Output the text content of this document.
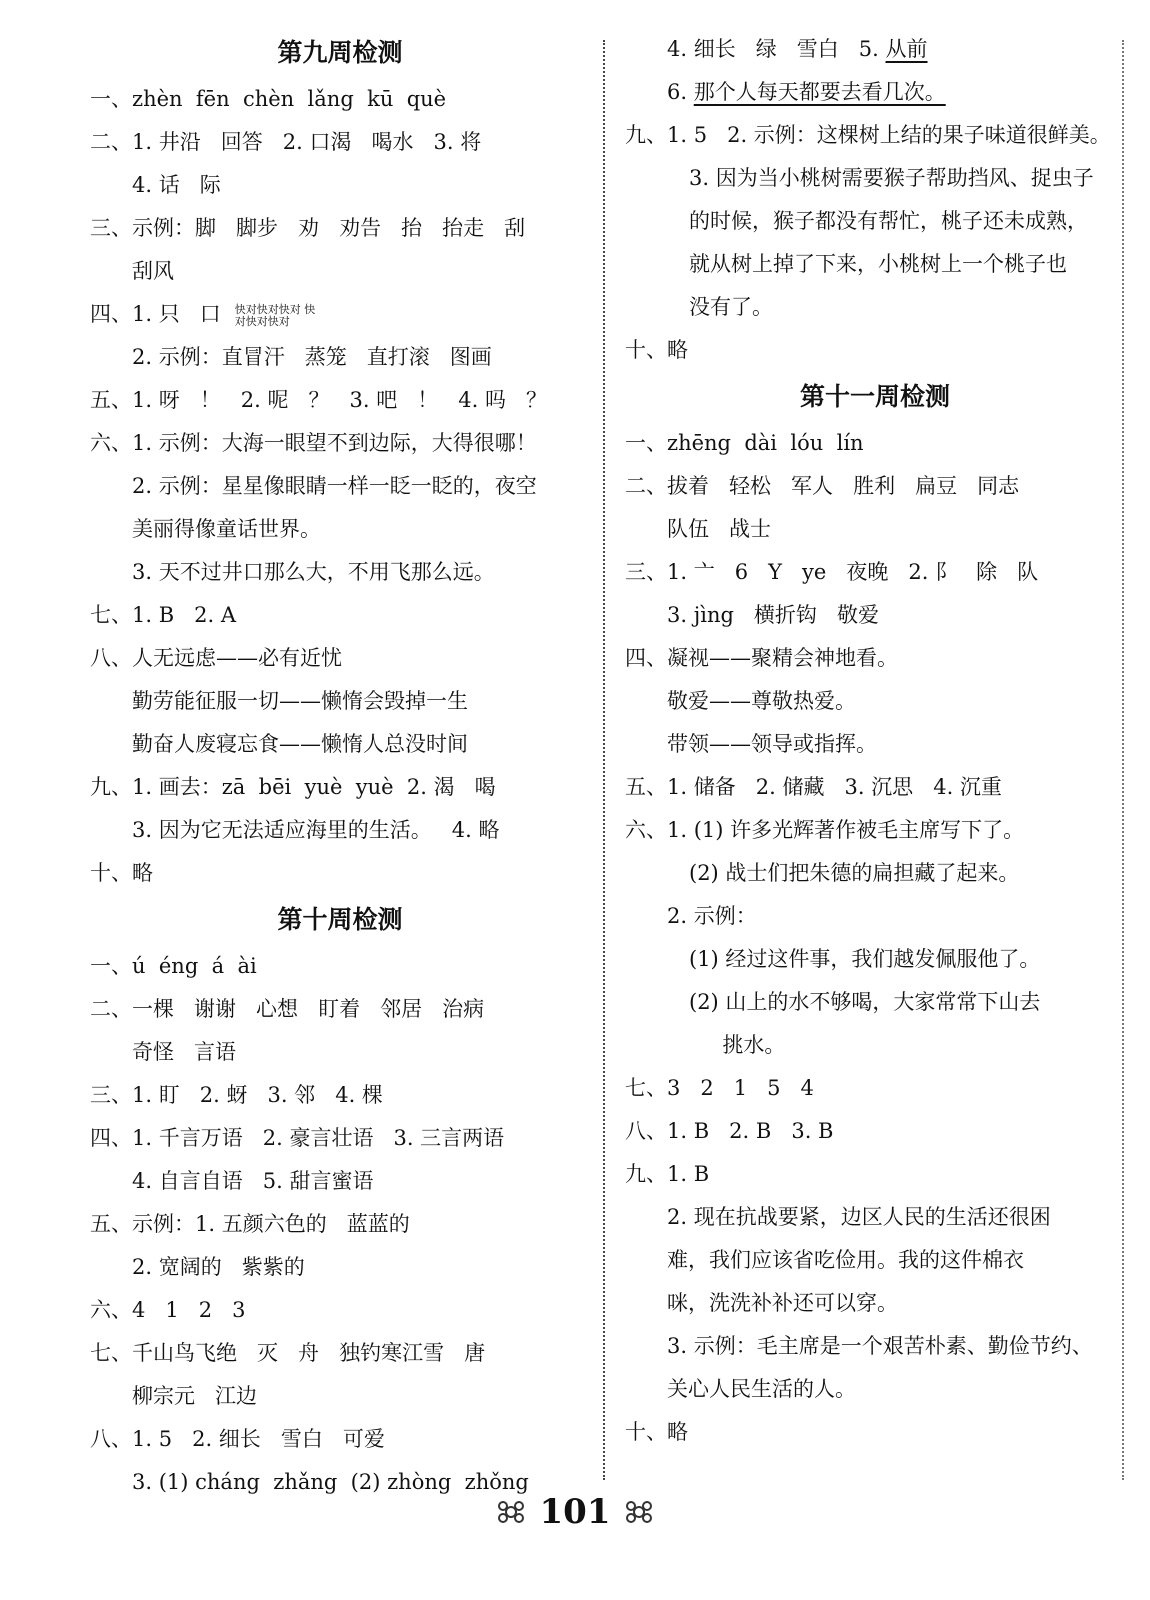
第九周检测
一、zhèn  fēn  chèn  lǎng  kū  què
二、1. 井沿   回答   2. 口渴   喝水   3. 将
4. 话   际
三、示例：脚   脚步   劝   劝告   抬   抬走   刮
刮风
四、1. 只   口 快对快对快对 快对快对快对
2. 示例：直冒汗   蒸笼   直打滚   图画
五、1. 呀   ！   2. 呢   ？   3. 吧   ！   4. 吗   ？
六、1. 示例：大海一眼望不到边际，大得很哪！
2. 示例：星星像眼睛一样一眨一眨的，夜空
美丽得像童话世界。
3. 天不过井口那么大，不用飞那么远。
七、1. B   2. A
八、人无远虑——必有近忧
勤劳能征服一切——懒惰会毁掉一生
勤奋人废寝忘食——懒惰人总没时间
九、1. 画去：zā  bēi  yuè  yuè  2. 渴   喝
3. 因为它无法适应海里的生活。   4. 略
十、略
第十周检测
一、ú  éng  á  ài
二、一棵   谢谢   心想   盯着   邻居   治病
奇怪   言语
三、1. 盯   2. 蚜   3. 邻   4. 棵
四、1. 千言万语   2. 豪言壮语   3. 三言两语
4. 自言自语   5. 甜言蜜语
五、示例：1. 五颜六色的   蓝蓝的
2. 宽阔的   紫紫的
六、4   1   2   3
七、千山鸟飞绝   灭   舟   独钓寒江雪   唐
柳宗元   江边
八、1. 5   2. 细长   雪白   可爱
3. (1) cháng  zhǎng  (2) zhòng  zhǒng
4. 细长   绿   雪白   5. 从前
6. 那个人每天都要去看几次。
九、1. 5   2. 示例：这棵树上结的果子味道很鲜美。
3. 因为当小桃树需要猴子帮助挡风、捉虫子
的时候，猴子都没有帮忙，桃子还未成熟，
就从树上掉了下来，小桃树上一个桃子也
没有了。
十、略
第十一周检测
一、zhēng  dài  lóu  lín
二、拔着   轻松   军人   胜利   扁豆   同志
队伍   战士
三、1. 亠   6   Y   ye   夜晚   2. 阝   除   队
3. jìng   横折钩   敬爱
四、凝视——聚精会神地看。
敬爱——尊敬热爱。
带领——领导或指挥。
五、1. 储备   2. 储藏   3. 沉思   4. 沉重
六、1. (1) 许多光辉著作被毛主席写下了。
(2) 战士们把朱德的扁担藏了起来。
2. 示例：
(1) 经过这件事，我们越发佩服他了。
(2) 山上的水不够喝，大家常常下山去
挑水。
七、3   2   1   5   4
八、1. B   2. B   3. B
九、1. B
2. 现在抗战要紧，边区人民的生活还很困
难，我们应该省吃俭用。我的这件棉衣
咪，洗洗补补还可以穿。
3. 示例：毛主席是一个艰苦朴素、勤俭节约、
关心人民生活的人。
十、略
101
